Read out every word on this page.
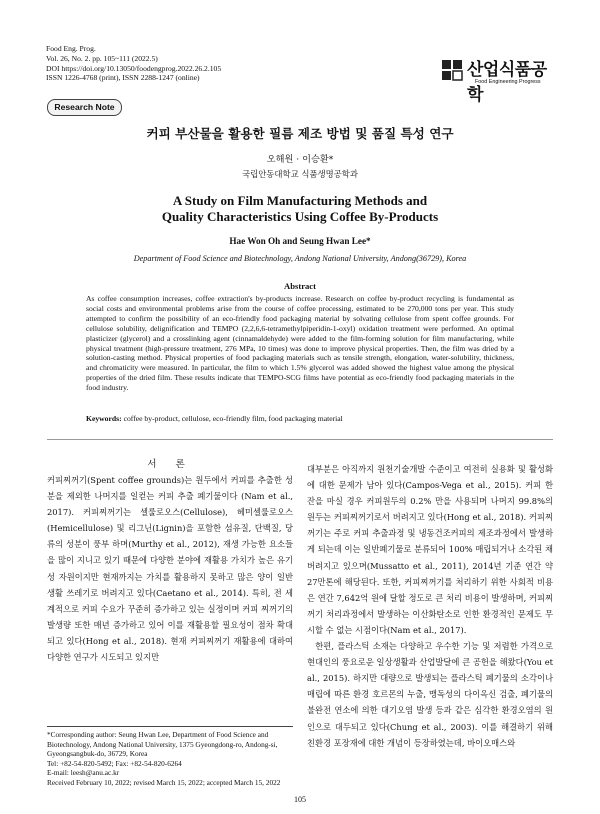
Food Eng. Prog.
Vol. 26, No. 2. pp. 105~111 (2022.5)
DOI https://doi.org/10.13050/foodengprog.2022.26.2.105
ISSN 1226-4768 (print), ISSN 2288-1247 (online)	산업식품공학
Food Engineering Progress
Research Note
커피 부산물을 활용한 필름 제조 방법 및 품질 특성 연구
오해원 · 이승환*
국립안동대학교 식품생명공학과
A Study on Film Manufacturing Methods and
Quality Characteristics Using Coffee By-Products
Hae Won Oh and Seung Hwan Lee*
Department of Food Science and Biotechnology, Andong National University, Andong(36729), Korea
Abstract
As coffee consumption increases, coffee extraction's by-products increase. Research on coffee by-product recycling is fundamental as social costs and environmental problems arise from the course of coffee processing, estimated to be 270,000 tons per year. This study attempted to confirm the possibility of an eco-friendly food packaging material by solvating cellulose from spent coffee grounds. For cellulose solubility, delignification and TEMPO (2,2,6,6-tetramethylpiperidin-1-oxyl) oxidation treatment were performed. An optimal plasticizer (glycerol) and a crosslinking agent (cinnamaldehyde) were added to the film-forming solution for film manufacturing, while physical treatment (high-pressure treatment, 276 MPa, 10 times) was done to improve physical properties. Then, the film was dried by a solution-casting method. Physical properties of food packaging materials such as tensile strength, elongation, water-solubility, thickness, and chromaticity were measured. In particular, the film to which 1.5% glycerol was added showed the highest value among the physical properties of the dried film. These results indicate that TEMPO-SCG films have potential as eco-friendly food packaging materials in the food industry.
Keywords: coffee by-product, cellulose, eco-friendly film, food packaging material
서 론

커피찌꺼기(Spent coffee grounds)는 원두에서 커피를 추출한 성분을 제외한 나머지를 일컫는 커피 추출 폐기물이다 (Nam et al., 2017). 커피찌꺼기는 셀룰로오스(Cellulose), 헤미셀룰로오스(Hemicellulose) 및 리그닌(Lignin)을 포함한 섬유질, 단백질, 당류의 성분이 풍부 하며(Murthy et al., 2012), 재생 가능한 요소들을 많이 지니고 있기 때문에 다양한 분야에 재활용 가치가 높은 유기성 자원이지만 현재까지는 가치를 활용하지 못하고 많은 양이 일반 생활 쓰레기로 버려지고 있다(Caetano et al., 2014). 특히, 전 세계적으로 커피 수요가 꾸준히 증가하고 있는 실정이며 커피 찌꺼기의 발생량 또한 매년 증가하고 있어 이를 재활용할 필요성이 점차 확대되고 있다(Hong et al., 2018). 현재 커피찌꺼기 재활용에 대하여 다양한 연구가 시도되고 있지만

대부분은 아직까지 원천기술개발 수준이고 여전히 실용화 및 활성화에 대한 문제가 남아 있다(Campos-Vega et al., 2015). 커피 한 잔을 마실 경우 커피원두의 0.2% 만을 사용되며 나머지 99.8%의 원두는 커피찌꺼기로서 버려지고 있다(Hong et al., 2018). 커피찌꺼기는 주로 커피 추출과정 및 냉동건조커피의 제조과정에서 발생하게 되는데 이는 일반폐기물로 분류되어 100% 매립되거나 소각된 채 버려지고 있으며(Mussatto et al., 2011), 2014년 기준 연간 약 27만톤에 해당된다. 또한, 커피찌꺼기를 처리하기 위한 사회적 비용은 연간 7,642억 원에 달할 정도로 큰 처리 비용이 발생하며, 커피찌꺼기 처리과정에서 발생하는 이산화탄소로 인한 환경적인 문제도 무시할 수 없는 시점이다(Nam et al., 2017).

한편, 플라스틱 소재는 다양하고 우수한 기능 및 저렴한 가격으로 현대인의 풍요로운 일상생활과 산업발달에 큰 공헌을 해왔다(You et al., 2015). 하지만 대량으로 발생되는 플라스틱 폐기물의 소각이나 매립에 따른 환경 호르몬의 누출, 맹독성의 다이옥신 검출, 폐기물의 불완전 연소에 의한 대기오염 발생 등과 같은 심각한 환경오염의 원인으로 대두되고 있다(Chung et al., 2003). 이를 해결하기 위해 친환경 포장재에 대한 개념이 등장하였는데, 바이오매스와

*Corresponding author: Seung Hwan Lee, Department of Food Science and Biotechnology, Andong National University, 1375 Gyeongdong-ro, Andong-si, Gyeongsangbuk-do, 36729, Korea
Tel: +82-54-820-5492; Fax: +82-54-820-6264
E-mail: leesh@anu.ac.kr
Received February 10, 2022; revised March 15, 2022; accepted March 15, 2022
105
